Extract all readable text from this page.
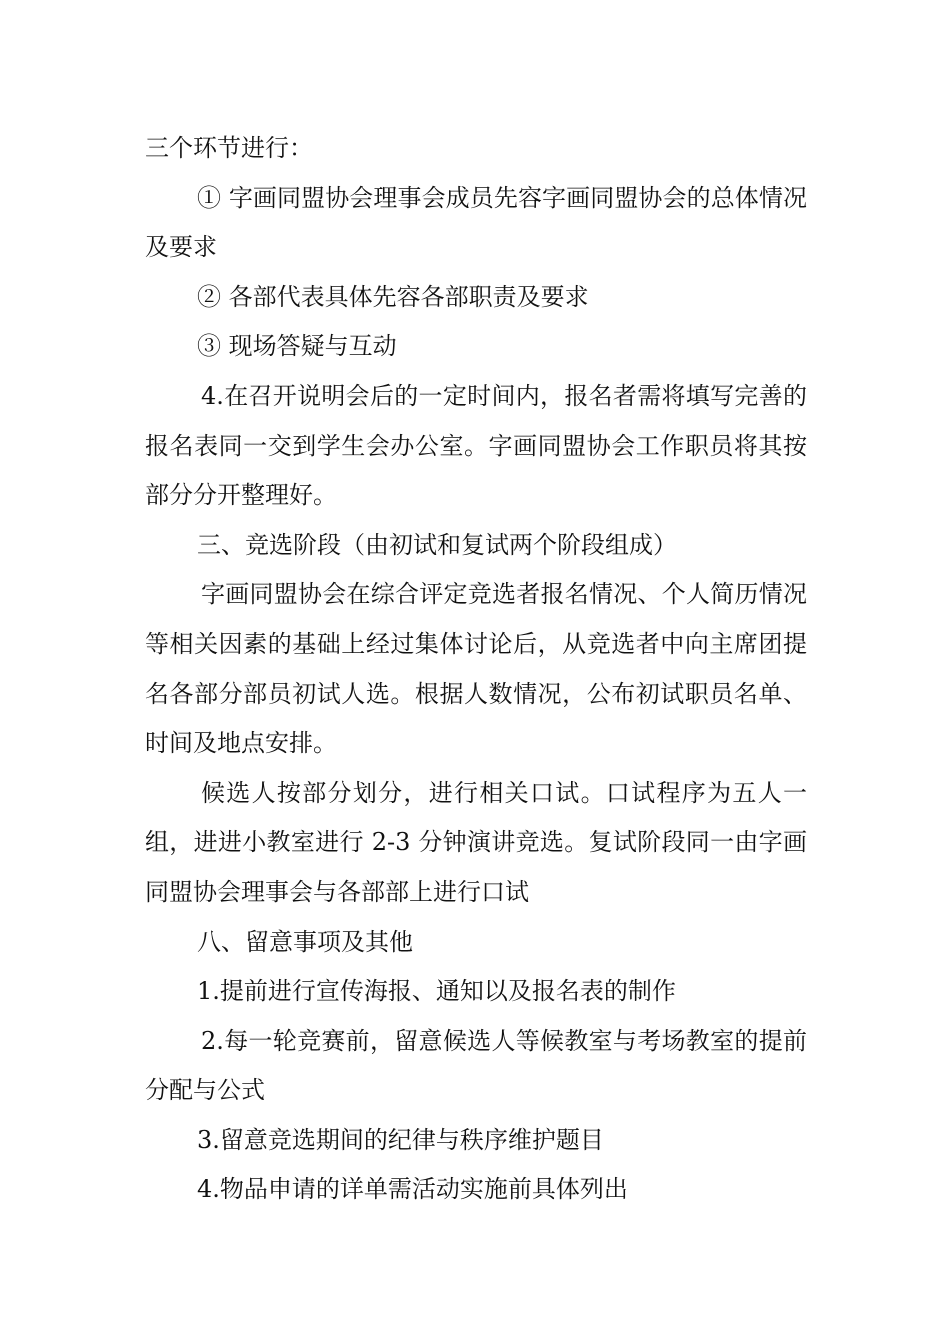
三个环节进行：

① 字画同盟协会理事会成员先容字画同盟协会的总体情况及要求

② 各部代表具体先容各部职责及要求

③ 现场答疑与互动

4.在召开说明会后的一定时间内，报名者需将填写完善的报名表同一交到学生会办公室。字画同盟协会工作职员将其按部分分开整理好。

三、竞选阶段（由初试和复试两个阶段组成）

字画同盟协会在综合评定竞选者报名情况、个人简历情况等相关因素的基础上经过集体讨论后，从竞选者中向主席团提名各部分部员初试人选。根据人数情况，公布初试职员名单、时间及地点安排。

候选人按部分划分，进行相关口试。口试程序为五人一组，进进小教室进行 2-3 分钟演讲竞选。复试阶段同一由字画同盟协会理事会与各部部上进行口试

八、留意事项及其他

1.提前进行宣传海报、通知以及报名表的制作

2.每一轮竞赛前，留意候选人等候教室与考场教室的提前分配与公式

3.留意竞选期间的纪律与秩序维护题目

4.物品申请的详单需活动实施前具体列出
